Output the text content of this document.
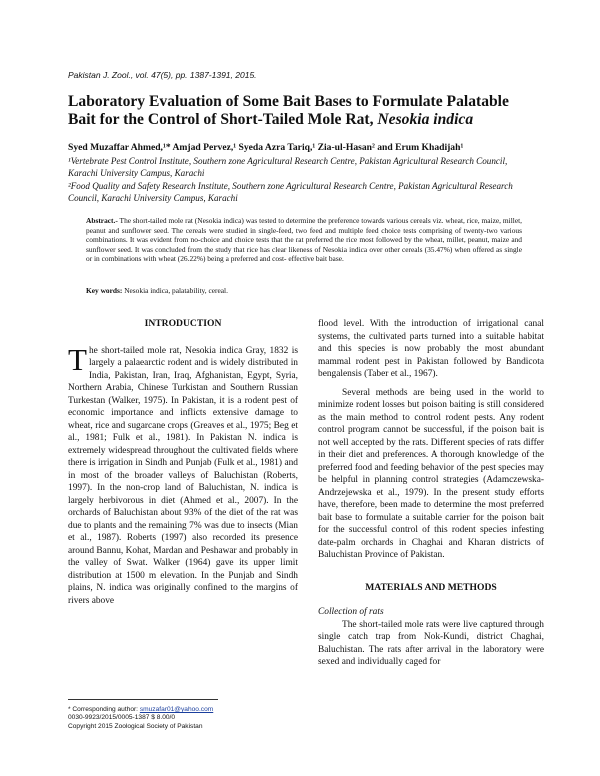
Pakistan J. Zool., vol. 47(5), pp. 1387-1391, 2015.
Laboratory Evaluation of Some Bait Bases to Formulate Palatable Bait for the Control of Short-Tailed Mole Rat, Nesokia indica
Syed Muzaffar Ahmed,¹* Amjad Pervez,¹ Syeda Azra Tariq,¹ Zia-ul-Hasan² and Erum Khadijah¹
¹Vertebrate Pest Control Institute, Southern zone Agricultural Research Centre, Pakistan Agricultural Research Council, Karachi University Campus, Karachi
²Food Quality and Safety Research Institute, Southern zone Agricultural Research Centre, Pakistan Agricultural Research Council, Karachi University Campus, Karachi
Abstract.- The short-tailed mole rat (Nesokia indica) was tested to determine the preference towards various cereals viz. wheat, rice, maize, millet, peanut and sunflower seed. The cereals were studied in single-feed, two feed and multiple feed choice tests comprising of twenty-two various combinations. It was evident from no-choice and choice tests that the rat preferred the rice most followed by the wheat, millet, peanut, maize and sunflower seed. It was concluded from the study that rice has clear likeness of Nesokia indica over other cereals (35.47%) when offered as single or in combinations with wheat (26.22%) being a preferred and cost- effective bait base.
Key words: Nesokia indica, palatability, cereal.

INTRODUCTION

The short-tailed mole rat, Nesokia indica Gray, 1832 is largely a palaearctic rodent and is widely distributed in India, Pakistan, Iran, Iraq, Afghanistan, Egypt, Syria, Northern Arabia, Chinese Turkistan and Southern Russian Turkestan (Walker, 1975). In Pakistan, it is a rodent pest of economic importance and inflicts extensive damage to wheat, rice and sugarcane crops (Greaves et al., 1975; Beg et al., 1981; Fulk et al., 1981). In Pakistan N. indica is extremely widespread throughout the cultivated fields where there is irrigation in Sindh and Punjab (Fulk et al., 1981) and in most of the broader valleys of Baluchistan (Roberts, 1997). In the non-crop land of Baluchistan, N. indica is largely herbivorous in diet (Ahmed et al., 2007). In the orchards of Baluchistan about 93% of the diet of the rat was due to plants and the remaining 7% was due to insects (Mian et al., 1987). Roberts (1997) also recorded its presence around Bannu, Kohat, Mardan and Peshawar and probably in the valley of Swat. Walker (1964) gave its upper limit distribution at 1500 m elevation. In the Punjab and Sindh plains, N. indica was originally confined to the margins of rivers above

flood level. With the introduction of irrigational canal systems, the cultivated parts turned into a suitable habitat and this species is now probably the most abundant mammal rodent pest in Pakistan followed by Bandicota bengalensis (Taber et al., 1967).

Several methods are being used in the world to minimize rodent losses but poison baiting is still considered as the main method to control rodent pests. Any rodent control program cannot be successful, if the poison bait is not well accepted by the rats. Different species of rats differ in their diet and preferences. A thorough knowledge of the preferred food and feeding behavior of the pest species may be helpful in planning control strategies (Adamczewska-Andrzejewska et al., 1979). In the present study efforts have, therefore, been made to determine the most preferred bait base to formulate a suitable carrier for the poison bait for the successful control of this rodent species infesting date-palm orchards in Chaghai and Kharan districts of Baluchistan Province of Pakistan.

MATERIALS AND METHODS

Collection of rats

The short-tailed mole rats were live captured through single catch trap from Nok-Kundi, district Chaghai, Baluchistan. The rats after arrival in the laboratory were sexed and individually caged for

* Corresponding author: smuzafar01@yahoo.com
0030-9923/2015/0005-1387 $ 8.00/0
Copyright 2015 Zoological Society of Pakistan
